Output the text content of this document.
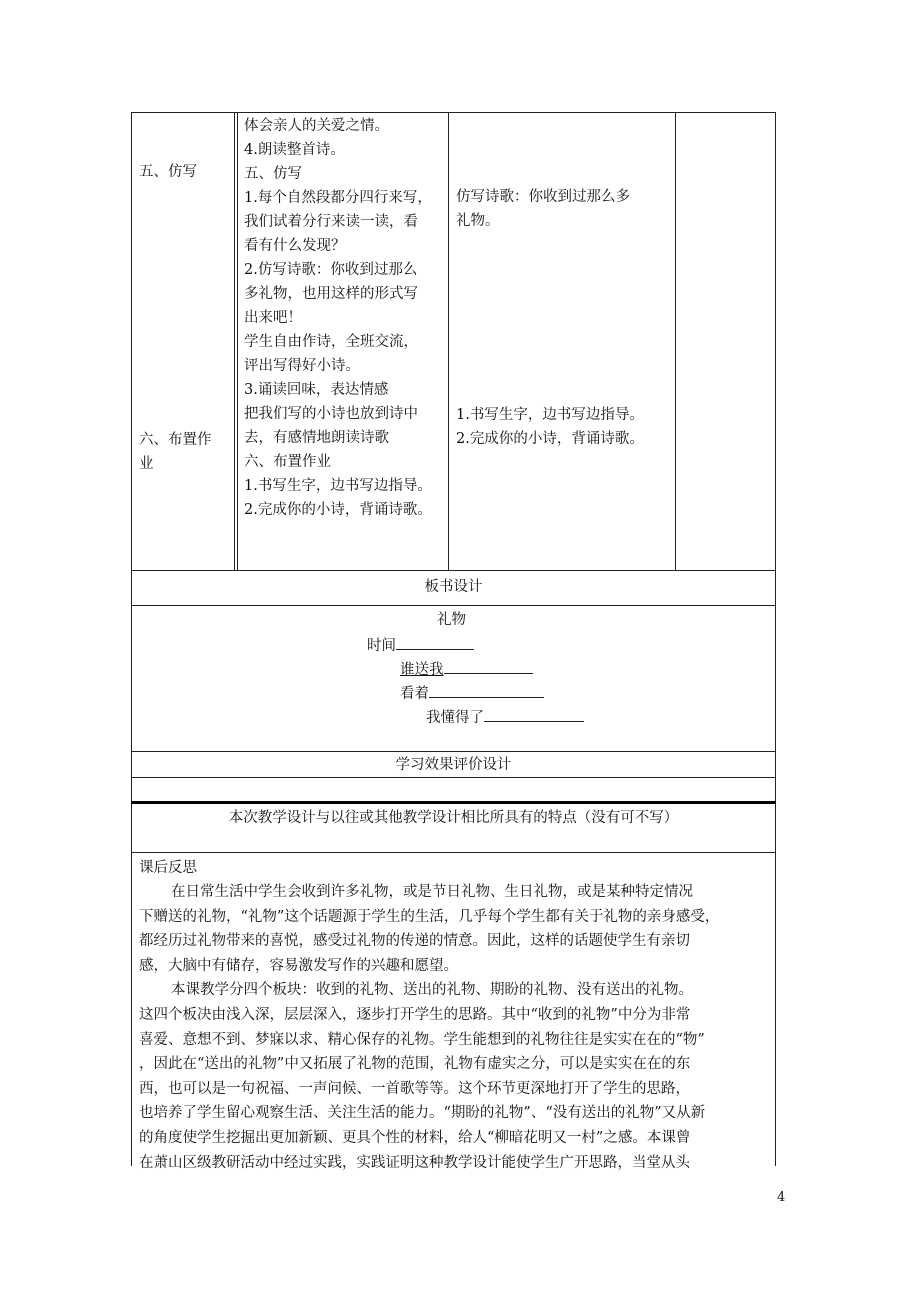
五、仿写
六、布置作
业
体会亲人的关爱之情。
4.朗读整首诗。
五、仿写
1.每个自然段都分四行来写，
我们试着分行来读一读，看
看有什么发现？
2.仿写诗歌：你收到过那么
多礼物，也用这样的形式写
出来吧！
学生自由作诗，全班交流，
评出写得好小诗。
3.诵读回味，表达情感
把我们写的小诗也放到诗中
去，有感情地朗读诗歌
六、布置作业
1.书写生字，边书写边指导。
2.完成你的小诗，背诵诗歌。
仿写诗歌：你收到过那么多
礼物。
1.书写生字，边书写边指导。
2.完成你的小诗，背诵诗歌。
板书设计
礼物
时间
谁送我
看着
我懂得了
学习效果评价设计
本次教学设计与以往或其他教学设计相比所具有的特点（没有可不写）
课后反思
在日常生活中学生会收到许多礼物，或是节日礼物、生日礼物，或是某种特定情况
下赠送的礼物，“礼物”这个话题源于学生的生活，几乎每个学生都有关于礼物的亲身感受，
都经历过礼物带来的喜悦，感受过礼物的传递的情意。因此，这样的话题使学生有亲切
感，大脑中有储存，容易激发写作的兴趣和愿望。
本课教学分四个板块：收到的礼物、送出的礼物、期盼的礼物、没有送出的礼物。
这四个板决由浅入深，层层深入，逐步打开学生的思路。其中“收到的礼物”中分为非常
喜爱、意想不到、梦寐以求、精心保存的礼物。学生能想到的礼物往往是实实在在的“物”
，因此在“送出的礼物”中又拓展了礼物的范围，礼物有虚实之分，可以是实实在在的东
西，也可以是一句祝福、一声问候、一首歌等等。这个环节更深地打开了学生的思路，
也培养了学生留心观察生活、关注生活的能力。“期盼的礼物”、“没有送出的礼物”又从新
的角度使学生挖掘出更加新颖、更具个性的材料，给人“柳暗花明又一村”之感。本课曾
在萧山区级教研活动中经过实践，实践证明这种教学设计能使学生广开思路，当堂从头
4
